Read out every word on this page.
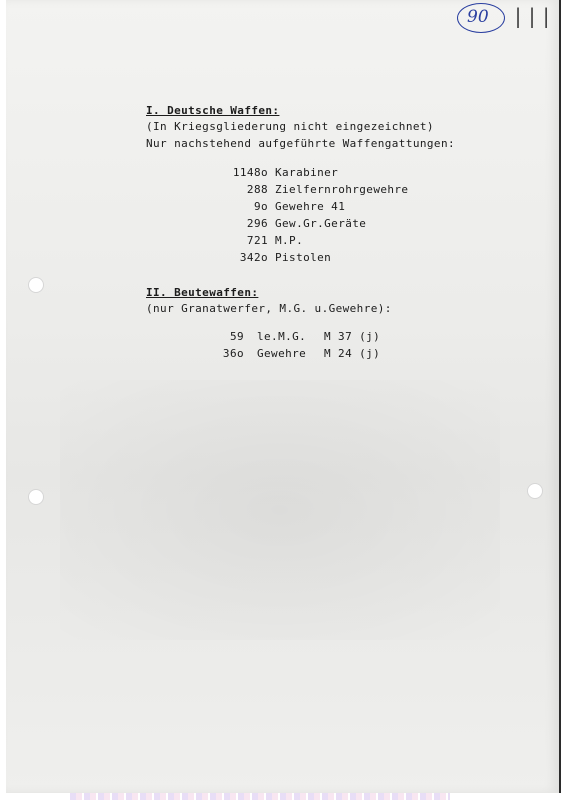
90 |||
I. Deutsche Waffen:
(In Kriegsgliederung nicht eingezeichnet)
Nur nachstehend aufgeführte Waffengattungen:
1148o Karabiner
288 Zielfernrohrgewehre
9o Gewehre 41
296 Gew.Gr.Geräte
721 M.P.
342o Pistolen
II. Beutewaffen:
(nur Granatwerfer, M.G. u.Gewehre):
59 le.M.G. M 37 (j)
36o Gewehre M 24 (j)
